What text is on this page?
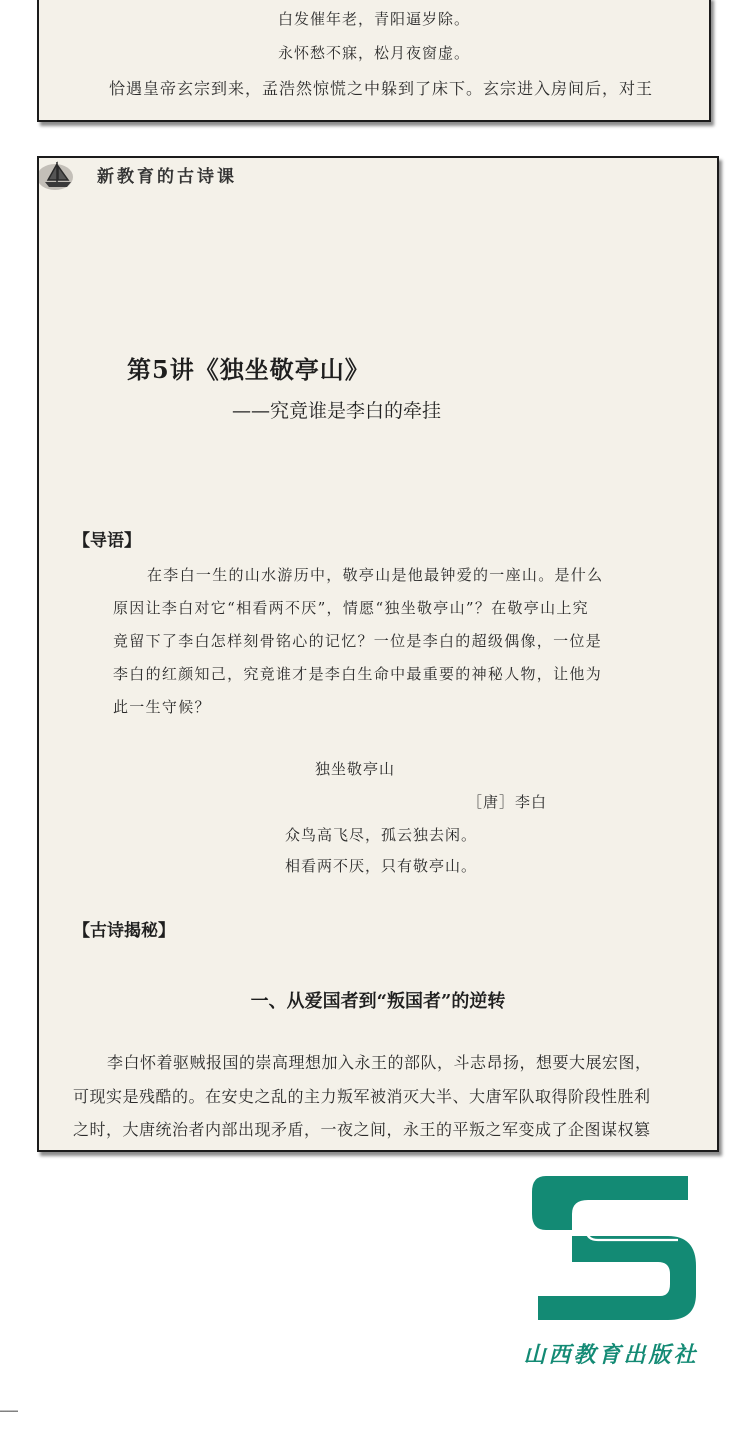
白发催年老，青阳逼岁除。
永怀愁不寐，松月夜窗虚。
恰遇皇帝玄宗到来，孟浩然惊慌之中躲到了床下。玄宗进入房间后，对王
新教育的古诗课

第5讲《独坐敬亭山》
——究竟谁是李白的牵挂
【导语】
在李白一生的山水游历中，敬亭山是他最钟爱的一座山。是什么
原因让李白对它“相看两不厌”，情愿“独坐敬亭山”？在敬亭山上究
竟留下了李白怎样刻骨铭心的记忆？一位是李白的超级偶像，一位是
李白的红颜知己，究竟谁才是李白生命中最重要的神秘人物，让他为
此一生守候？
独坐敬亭山
［唐］李白
众鸟高飞尽，孤云独去闲。
相看两不厌，只有敬亭山。
【古诗揭秘】
一、从爱国者到“叛国者”的逆转
李白怀着驱贼报国的崇高理想加入永王的部队，斗志昂扬，想要大展宏图，
可现实是残酷的。在安史之乱的主力叛军被消灭大半、大唐军队取得阶段性胜利
之时，大唐统治者内部出现矛盾，一夜之间，永王的平叛之军变成了企图谋权篡
山西教育出版社
………
